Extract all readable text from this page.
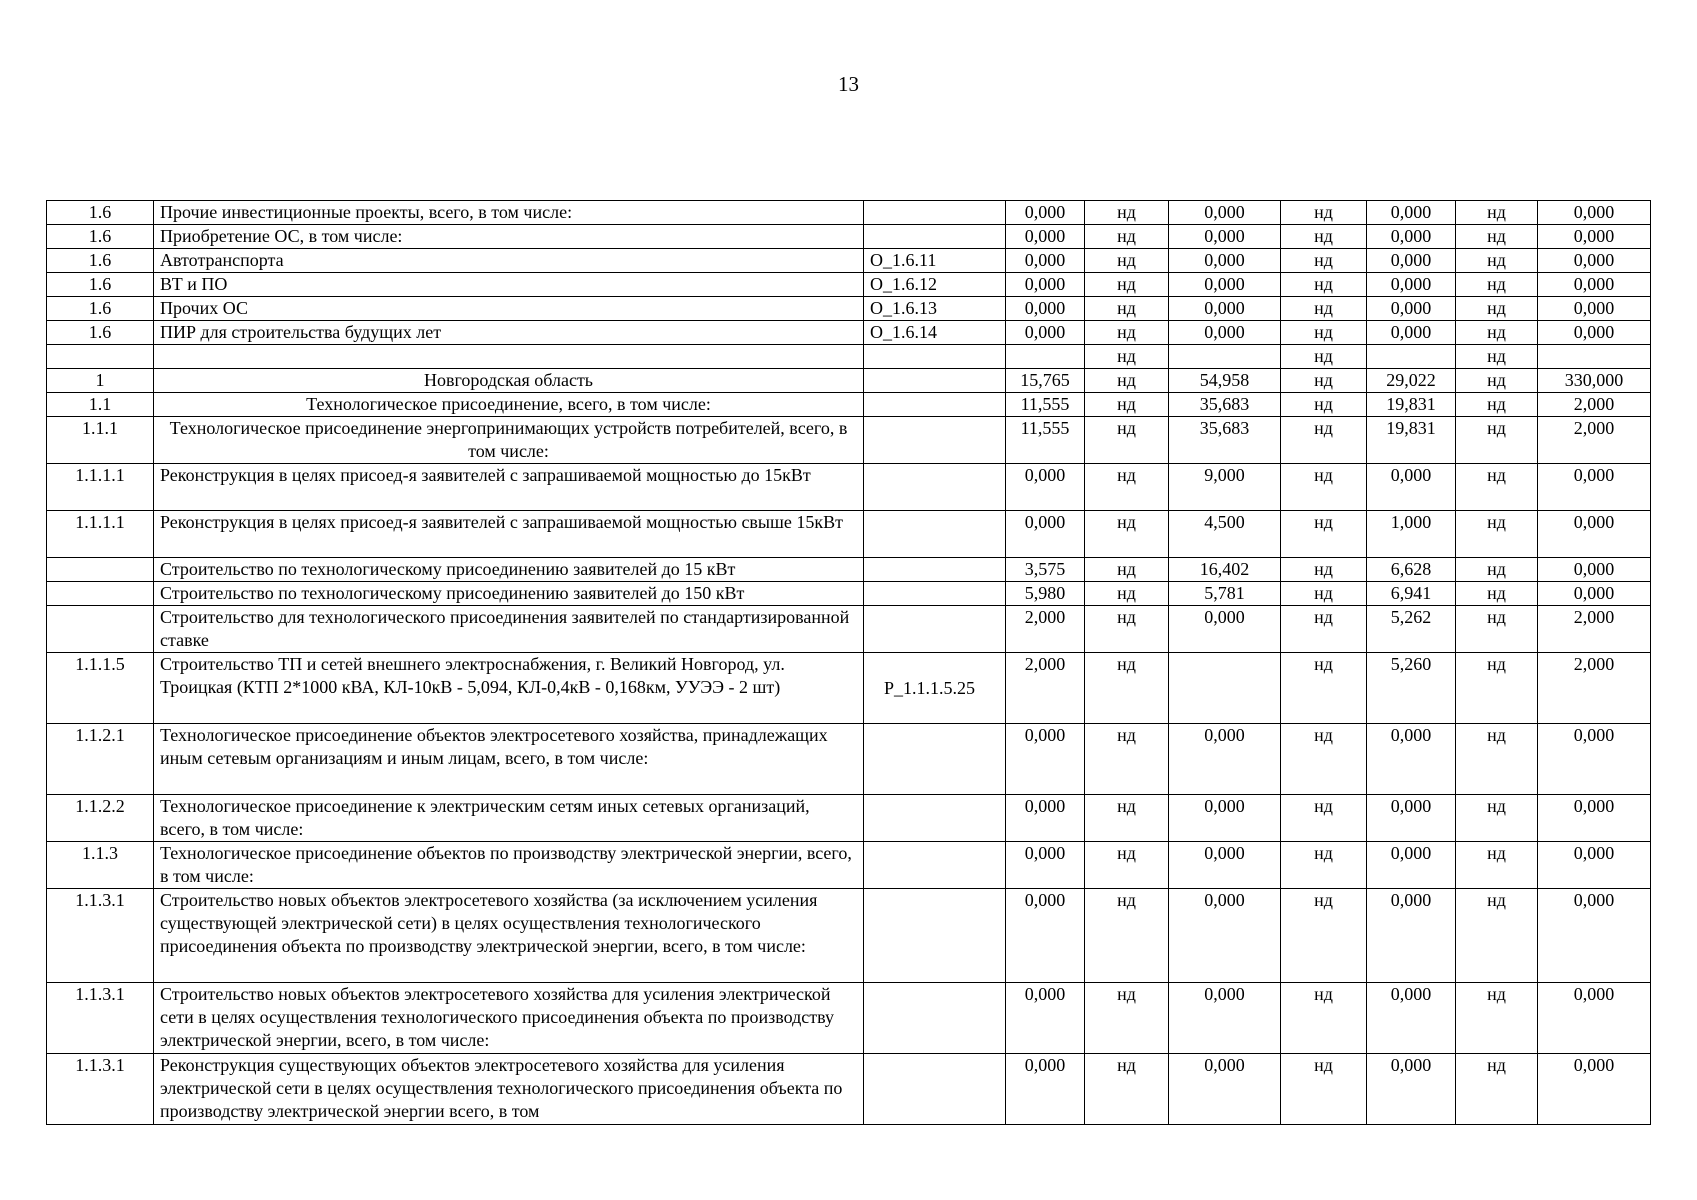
13
1.6	Прочие инвестиционные проекты, всего, в том числе:		0,000	нд	0,000	нд	0,000	нд	0,000
1.6	Приобретение ОС, в том числе:		0,000	нд	0,000	нд	0,000	нд	0,000
1.6	Автотранспорта	О_1.6.11	0,000	нд	0,000	нд	0,000	нд	0,000
1.6	ВТ и ПО	О_1.6.12	0,000	нд	0,000	нд	0,000	нд	0,000
1.6	Прочих ОС	О_1.6.13	0,000	нд	0,000	нд	0,000	нд	0,000
1.6	ПИР для строительства будущих лет	О_1.6.14	0,000	нд	0,000	нд	0,000	нд	0,000
				нд		нд		нд	
1	Новгородская область		15,765	нд	54,958	нд	29,022	нд	330,000
1.1	Технологическое присоединение, всего, в том числе:		11,555	нд	35,683	нд	19,831	нд	2,000
1.1.1	Технологическое присоединение энергопринимающих устройств потребителей, всего, в том числе:		11,555	нд	35,683	нд	19,831	нд	2,000
1.1.1.1	Реконструкция в целях присоед-я заявителей с запрашиваемой мощностью до 15кВт		0,000	нд	9,000	нд	0,000	нд	0,000
1.1.1.1	Реконструкция в целях присоед-я заявителей с запрашиваемой мощностью свыше 15кВт		0,000	нд	4,500	нд	1,000	нд	0,000
	Строительство по технологическому присоединению заявителей до 15 кВт		3,575	нд	16,402	нд	6,628	нд	0,000
	Строительство по технологическому присоединению заявителей до 150 кВт		5,980	нд	5,781	нд	6,941	нд	0,000
	Строительство для технологического присоединения заявителей по стандартизированной ставке		2,000	нд	0,000	нд	5,262	нд	2,000
1.1.1.5	Строительство ТП и сетей внешнего электроснабжения, г. Великий Новгород, ул. Троицкая (КТП 2*1000 кВА, КЛ-10кВ - 5,094, КЛ-0,4кВ - 0,168км, УУЭЭ - 2 шт)	Р_1.1.1.5.25	2,000	нд		нд	5,260	нд	2,000
1.1.2.1	Технологическое присоединение объектов электросетевого хозяйства, принадлежащих иным сетевым организациям и иным лицам, всего, в том числе:		0,000	нд	0,000	нд	0,000	нд	0,000
1.1.2.2	Технологическое присоединение к электрическим сетям иных сетевых организаций, всего, в том числе:		0,000	нд	0,000	нд	0,000	нд	0,000
1.1.3	Технологическое присоединение объектов по производству электрической энергии, всего, в том числе:		0,000	нд	0,000	нд	0,000	нд	0,000
1.1.3.1	Строительство новых объектов электросетевого хозяйства (за исключением усиления существующей электрической сети) в целях осуществления технологического присоединения объекта по производству электрической энергии, всего, в том числе:		0,000	нд	0,000	нд	0,000	нд	0,000
1.1.3.1	Строительство новых объектов электросетевого хозяйства для усиления электрической сети в целях осуществления технологического присоединения объекта по производству электрической энергии, всего, в том числе:		0,000	нд	0,000	нд	0,000	нд	0,000
1.1.3.1	Реконструкция существующих объектов электросетевого хозяйства для усиления электрической сети в целях осуществления технологического присоединения объекта по производству электрической энергии всего, в том		0,000	нд	0,000	нд	0,000	нд	0,000
